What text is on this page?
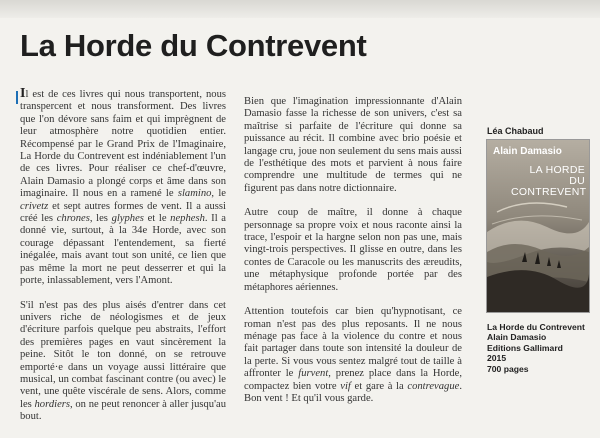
La Horde du Contrevent

Il est de ces livres qui nous transportent, nous transpercent et nous transforment. Des livres que l'on dévore sans faim et qui imprègnent de leur atmosphère notre quotidien entier. Récompensé par le Grand Prix de l'Imaginaire, La Horde du Contrevent est indéniablement l'un de ces livres. Pour réaliser ce chef-d'œuvre, Alain Damasio a plongé corps et âme dans son imaginaire. Il nous en a ramené le slamino, le crivetz et sept autres formes de vent. Il a aussi créé les chrones, les glyphes et le nephesh. Il a donné vie, surtout, à la 34e Horde, avec son courage dépassant l'entendement, sa fierté inégalée, mais avant tout son unité, ce lien que pas même la mort ne peut desserrer et qui la porte, inlassablement, vers l'Amont.

S'il n'est pas des plus aisés d'entrer dans cet univers riche de néologismes et de jeux d'écriture parfois quelque peu abstraits, l'effort des premières pages en vaut sincèrement la peine. Sitôt le ton donné, on se retrouve emporté·e dans un voyage aussi littéraire que musical, un combat fascinant contre (ou avec) le vent, une quête viscérale de sens. Alors, comme les hordiers, on ne peut renoncer à aller jusqu'au bout.

Bien que l'imagination impressionnante d'Alain Damasio fasse la richesse de son univers, c'est sa maîtrise si parfaite de l'écriture qui donne sa puissance au récit. Il combine avec brio poésie et langage cru, joue non seulement du sens mais aussi de l'esthétique des mots et parvient à nous faire comprendre une multitude de termes qui ne figurent pas dans notre dictionnaire.

Autre coup de maître, il donne à chaque personnage sa propre voix et nous raconte ainsi la trace, l'espoir et la hargne selon non pas une, mais vingt-trois perspectives. Il glisse en outre, dans les contes de Caracole ou les manuscrits des æreudits, une métaphysique profonde portée par des métaphores aériennes.

Attention toutefois car bien qu'hypnotisant, ce roman n'est pas des plus reposants. Il ne nous ménage pas face à la violence du contre et nous fait partager dans toute son intensité la douleur de la perte. Si vous vous sentez malgré tout de taille à affronter le furvent, prenez place dans la Horde, compactez bien votre vif et gare à la contrevague. Bon vent ! Et qu'il vous garde.

Léa Chabaud
Alain Damasio
LA HORDE
DU CONTREVENT
La Horde du Contrevent
Alain Damasio
Editions Gallimard
2015
700 pages
